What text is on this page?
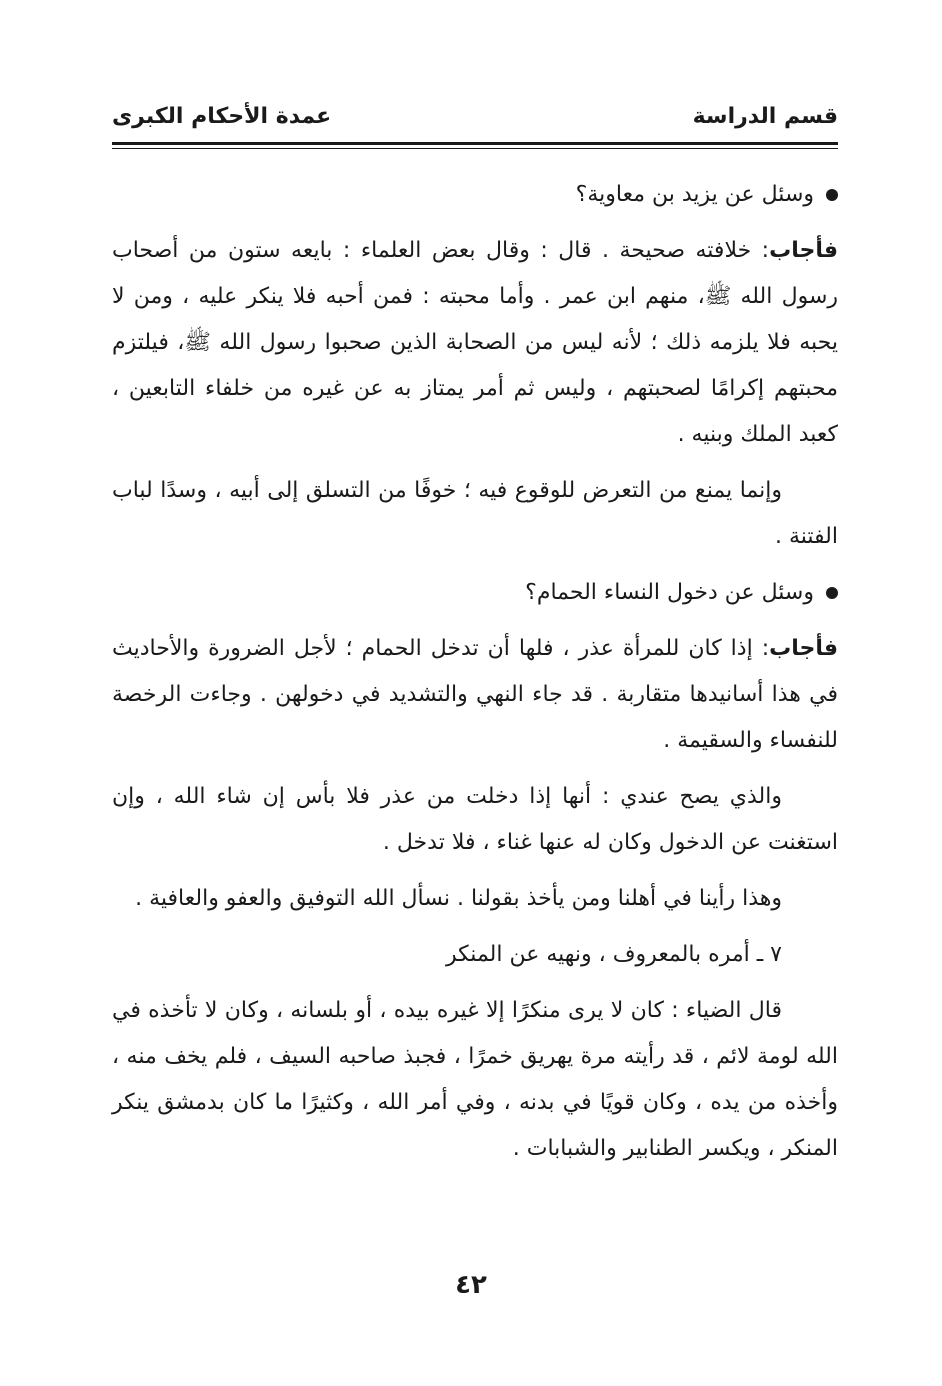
قسم الدراسة
عمدة الأحكام الكبرى

وسئل عن يزيد بن معاوية؟

فأجاب: خلافته صحيحة . قال : وقال بعض العلماء : بايعه ستون من أصحاب رسول الله ﷺ، منهم ابن عمر . وأما محبته : فمن أحبه فلا ينكر عليه ، ومن لا يحبه فلا يلزمه ذلك ؛ لأنه ليس من الصحابة الذين صحبوا رسول الله ﷺ، فيلتزم محبتهم إكرامًا لصحبتهم ، وليس ثم أمر يمتاز به عن غيره من خلفاء التابعين ، كعبد الملك وبنيه .

وإنما يمنع من التعرض للوقوع فيه ؛ خوفًا من التسلق إلى أبيه ، وسدًا لباب الفتنة .

وسئل عن دخول النساء الحمام؟

فأجاب: إذا كان للمرأة عذر ، فلها أن تدخل الحمام ؛ لأجل الضرورة والأحاديث في هذا أسانيدها متقاربة . قد جاء النهي والتشديد في دخولهن . وجاءت الرخصة للنفساء والسقيمة .

والذي يصح عندي : أنها إذا دخلت من عذر فلا بأس إن شاء الله ، وإن استغنت عن الدخول وكان له عنها غناء ، فلا تدخل .

وهذا رأينا في أهلنا ومن يأخذ بقولنا . نسأل الله التوفيق والعفو والعافية .

٧ ـ أمره بالمعروف ، ونهيه عن المنكر

قال الضياء : كان لا يرى منكرًا إلا غيره بيده ، أو بلسانه ، وكان لا تأخذه في الله لومة لائم ، قد رأيته مرة يهريق خمرًا ، فجبذ صاحبه السيف ، فلم يخف منه ، وأخذه من يده ، وكان قويًا في بدنه ، وفي أمر الله ، وكثيرًا ما كان بدمشق ينكر المنكر ، ويكسر الطنابير والشبابات .

٤٢
